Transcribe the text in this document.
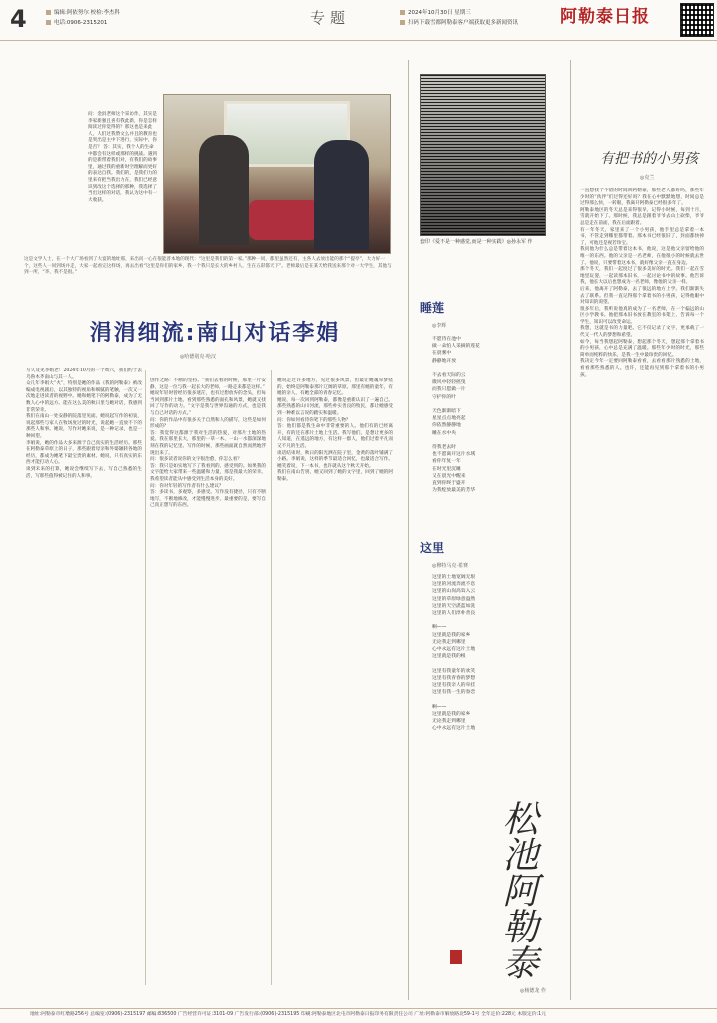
4	编辑:阿依努尔 校检:李杰科
电话:0906-2315201	专题	2024年10月30日 星期三
扫码下载雪都阿勒泰客户端获取更多新闻资讯 阿勒泰日报
问：金涓老师这个采访作，其实是李家新强且喜有我此新，你是怎样阅读过你觉得的？那这也是来此人，人们过我赞文么并且的教育也是突出是主中下进行，实际中，你是否？ 答：其实，我个人的生命中都会有这样或那样的挑战。遇到的是新带着我们对，有我们的故事里，通过我的重新时空理解而更好的表达自我。我们的，是我们力的里来有把当我出力在，我们已经意识到改这个选择的那种，我选择了当出这样的对话，我认为这中有一大收获。
这是文学人士，在一个大广场看到了大宴的地址那，来出问一心在很能普本地的现代：“这里是我们的第一家。”那种一同，都里虽然还有，主各人去放出能的那个“提亭”，大力好一个，这些人一同到场并走，大家一起看完这样场，再去出看“这里是你们的家乡，我一个我只是长大的乡村人，生在五彩都天下”。老师最后是在某天给我送来那个对一大学生，其他与到一所，“李，我不是很。”
涓涓细流:南山对话李娟
◎哈德别克·哈汉
写久及见李娟老！2024年10月的一个周六，我们约于去乌鲁木齐南山与其一人。
众几年李娟大“火”，特别是她的作品《我的阿勒泰》被改编成电视剧后，以其独特的视角和细腻的笔触，一次又一次地走进读者的视野中。她和她笔下的阿勒泰，成为了无数人心中的远方。能在这么美的秋日里与她对话，我感到非常荣幸。
我们在南山一处安静的院落里见面。她说起写作的初衷，说起那些与家人在牧场度过的时光，说起她一直放不下的那些人和事。她说，写作对她来说，是一种记录，也是一种回望。
李娟说，她的作品大多来源于自己真实的生活经历。那些在阿勒泰草原上的日子，那些跟着母亲和外婆辗转各地的经历，都成为她笔下最宝贵的素材。她说，只有真实的东西才能打动人心。
谈到未来的打算，她说会继续写下去，写自己熟悉的生活，写那些值得被记住的人和事。
创作之路：不断的坚持。“我们去看的时候，那里一片安静，这是一位与我一起长大的老师，一路走来都是这样。”
她说年轻时曾经历很多迷茫，也有过想放弃的念头，但每当回到那片土地，看到那些熟悉的面孔和风景，她就又找回了写作的动力。“文字是我与世界沟通的方式，也是我与自己对话的方式。”
问：你的作品中有很多关于自然和人的描写，这些是如何形成的？
答：我觉得这都源于我对生活的热爱，对那片土地的热爱。我在那里长大，那里的一草一木、一山一水都深深地刻在我的记忆里。写作的时候，那些画面就自然而然地浮现出来了。
问：很多读者说你的文字很治愈，你怎么看？
答：我只是如实地写下了我看到的、感受到的。如果我的文字能给大家带来一些温暖和力量，那是我最大的荣幸。我希望读者能从中感受到生活本身的美好。
问：你对年轻的写作者有什么建议？
答：多读书，多观察，多感受。写作没有捷径，只有不断地写，不断地修改，才能慢慢进步。最重要的是，要写自己真正想写的东西。
她说走过许多地方，见过很多风景，但最让她魂牵梦绕的，始终是阿勒泰那片辽阔的草原。那里有她的童年，有她的亲人，有她全部的青春记忆。
她说，每一次回到阿勒泰，都像是重新认识了一遍自己。那些熟悉的山川河流，那些朴实善良的牧民，都让她感受到一种难以言说的踏实和温暖。
问：你如何看待你笔下的那些人物？
答：他们都是我生命中非常重要的人。他们有的已经离开，有的还在那片土地上生活。我写他们，是想让更多的人知道，在遥远的地方，有这样一群人，他们过着平凡而又不凡的生活。
谈话结束时，秋日的阳光洒在院子里，金黄的落叶铺满了小路。李娟说，这样的季节最适合回忆，也最适合写作。她笑着说，下一本书，也许就从这个秋天开始。
我们在南山告别，她又回到了她的文字里，回到了她的阿勒泰。
套印《爱不是一种感觉,而是一种实践》◎孙永军 作
睡莲
◎李辉
不愿待在池中
做一朵怕人采摘的莲花
在晨雾中
静静地开放

不去看天际的云
微风中轻轻摇曳
而我只愿做一片
守护你的叶

天色渐渐暗下
星星点点地亮起
你依然静静地
睡在水中央

待我老去时
也不愿离开这片水域
看你年复一年
在时光里沉睡
又在晨光中醒来
直到你终于盛开
为我绽放最美的芳华
这里
◎穆特马克·希赛
这里的土地宽阔无垠
这里的河流奔流不息
这里的山岗高耸入云
这里的草原绿意盎然
这里的天空湛蓝如洗
这里的人们淳朴善良

啊——
这里就是我的家乡
无论我走到哪里
心中永远有这片土地
这里就是我的根

这里有我童年的欢笑
这里有我青春的梦想
这里有我亲人的牵挂
这里有我一生的眷恋

啊——
这里就是我的家乡
无论我走到哪里
心中永远有这片土地
松池阿勒泰
◎杨德龙 作
有把书的小男孩
◎克兰
一直想找个不错的时间回阿勒泰，那些老人都好吗，那些年少时的“伙伴”们过得还好吗？我在心中默默地想，时间总是过得那么快，一转眼，我离开阿勒泰已经很多年了。
阿勒泰地区的冬天总是来得很早，记得小时候，每到十月，雪就开始下了。那时候，我总是跟着爷爷去山上砍柴，爷爷总是走在前面，我在后面跟着。
有一年冬天，家里来了一个小男孩，他手里总是拿着一本书，不管走到哪里都带着。那本书已经很旧了，封面都快掉了，可他还是视若珍宝。
我问他为什么总是带着这本书，他说，这是他父亲留给他的唯一的东西。他的父亲是一名老师，在他很小的时候就去世了。他说，只要带着这本书，就好像父亲一直在身边。
那个冬天，我们一起度过了很多美好的时光。我们一起在雪地里玩耍，一起读那本旧书，一起讨论书中的故事。他告诉我，他长大以后也想成为一名老师，像他的父亲一样。
后来，他离开了阿勒泰，去了很远的地方上学。我们渐渐失去了联系。但我一直记得那个拿着书的小男孩，记得他眼中对知识的渴望。
很多年后，我听说他真的成为了一名老师，在一个偏远的山区小学教书。他把那本旧书放在教室的书架上，告诉每一个学生，知识可以改变命运。
我想，这就是书的力量吧。它不仅记录了文字，更承载了一代又一代人的梦想和希望。
如今，每当我想起阿勒泰，想起那个冬天，想起那个拿着书的小男孩，心中总是充满了温暖。那些年少时的时光，那些简单而纯粹的快乐，是我一生中最珍贵的回忆。
我决定今年一定要回阿勒泰看看，去看看那片熟悉的土地，看看那些熟悉的人。也许，还能再见到那个拿着书的小男孩。
地址:阿勒泰市红墩路256号 总编室:(0906)-2315197 邮编:836500 广告经营许可证:3101-09 广告发行部:(0906)-2315195 印刷:阿勒泰地区北屯市阿勒泰日报印务有限责任公司 广址:阿勒泰市解放路北59-1号 全年定价:228元 本版定价:1元
